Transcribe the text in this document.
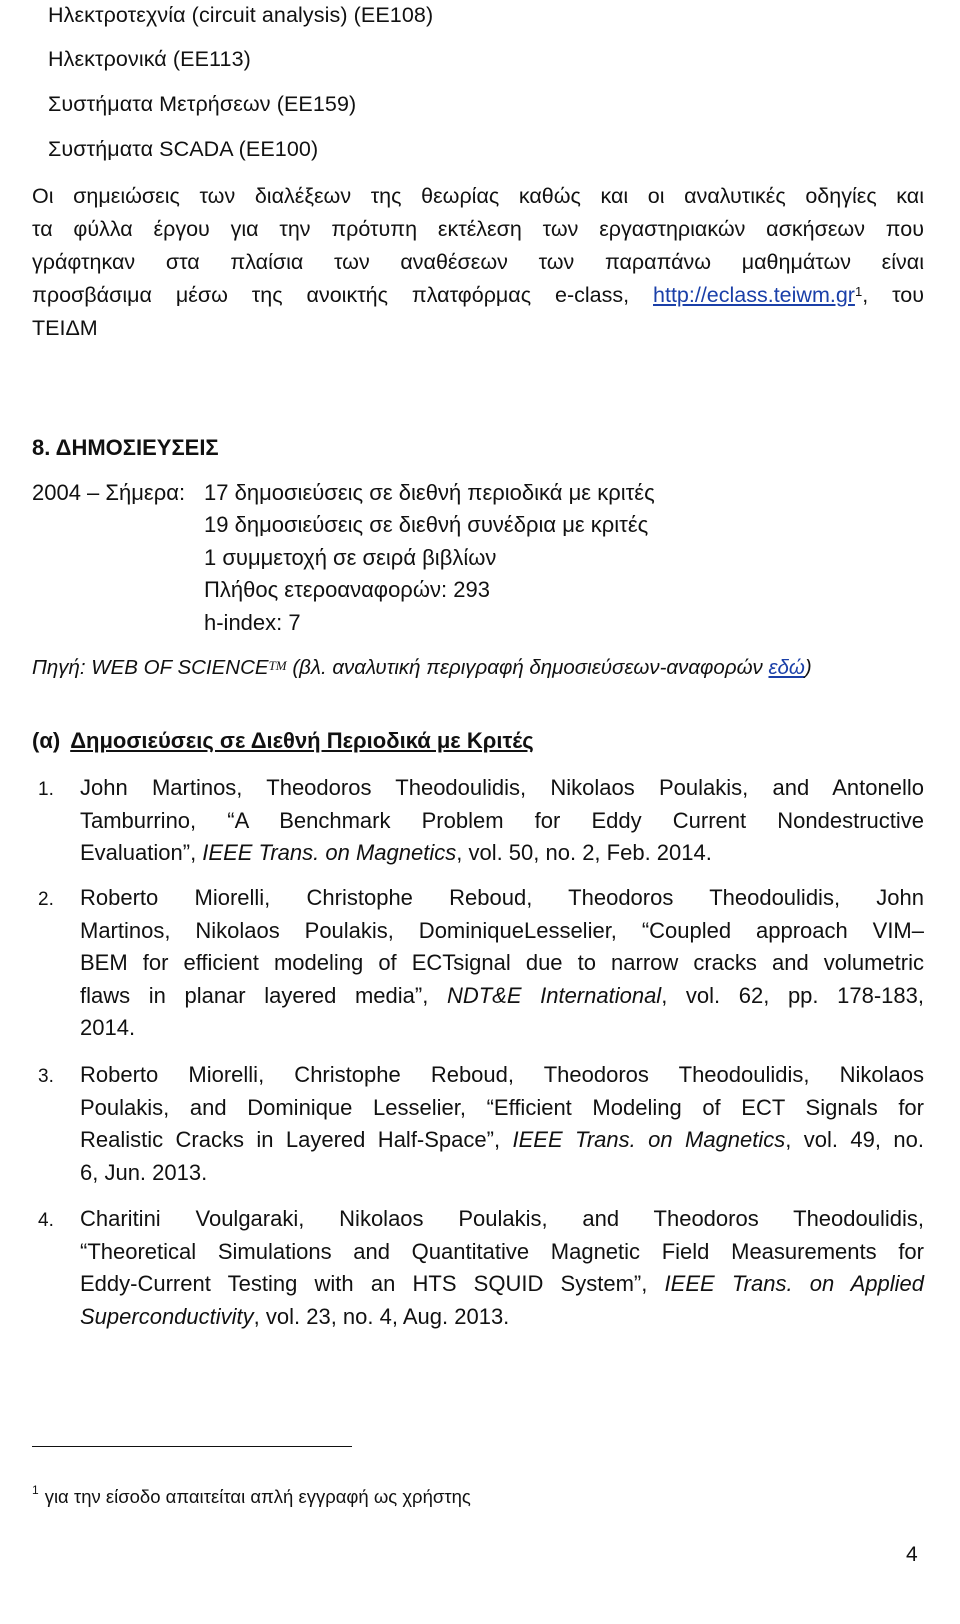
Ηλεκτροτεχνία (circuit analysis) (ΕΕ108)
Ηλεκτρονικά (ΕΕ113)
Συστήματα Μετρήσεων (ΕΕ159)
Συστήματα SCADA (ΕΕ100)
Οι σημειώσεις των διαλέξεων της θεωρίας καθώς και οι αναλυτικές οδηγίες και
τα φύλλα έργου για την πρότυπη εκτέλεση των εργαστηριακών ασκήσεων που
γράφτηκαν στα πλαίσια των αναθέσεων των παραπάνω μαθημάτων είναι
προσβάσιμα μέσω της ανοικτής πλατφόρμας e-class, $http://eclass.teiwm.gr^1$, του
ΤΕΙΔΜ
8. ΔΗΜΟΣΙΕΥΣΕΙΣ
2004 – Σήμερα: 17 δημοσιεύσεις σε διεθνή περιοδικά με κριτές
19 δημοσιεύσεις σε διεθνή συνέδρια με κριτές
1 συμμετοχή σε σειρά βιβλίων
Πλήθος ετεροαναφορών: 293
h-index: 7
Πηγή: WEB OF SCIENCE™ (βλ. αναλυτική περιγραφή δημοσιεύσεων-αναφορών εδώ)
(α) Δημοσιεύσεις σε Διεθνή Περιοδικά με Κριτές
1. John Martinos, Theodoros Theodoulidis, Nikolaos Poulakis, and Antonello
Tamburrino, “A Benchmark Problem for Eddy Current Nondestructive
Evaluation”, IEEE Trans. on Magnetics, vol. 50, no. 2, Feb. 2014.
2. Roberto Miorelli, Christophe Reboud, Theodoros Theodoulidis, John
Martinos, Nikolaos Poulakis, DominiqueLesselier, “Coupled approach VIM–
BEM for efficient modeling of ECTsignal due to narrow cracks and volumetric
flaws in planar layered media”, NDT&E International, vol. 62, pp. 178-183,
2014.
3. Roberto Miorelli, Christophe Reboud, Theodoros Theodoulidis, Nikolaos
Poulakis, and Dominique Lesselier, “Efficient Modeling of ECT Signals for
Realistic Cracks in Layered Half-Space”, IEEE Trans. on Magnetics, vol. 49, no.
6, Jun. 2013.
4. Charitini Voulgaraki, Nikolaos Poulakis, and Theodoros Theodoulidis,
“Theoretical Simulations and Quantitative Magnetic Field Measurements for
Eddy-Current Testing with an HTS SQUID System”, IEEE Trans. on Applied
Superconductivity, vol. 23, no. 4, Aug. 2013.
$^1$ για την είσοδο απαιτείται απλή εγγραφή ως χρήστης
4
